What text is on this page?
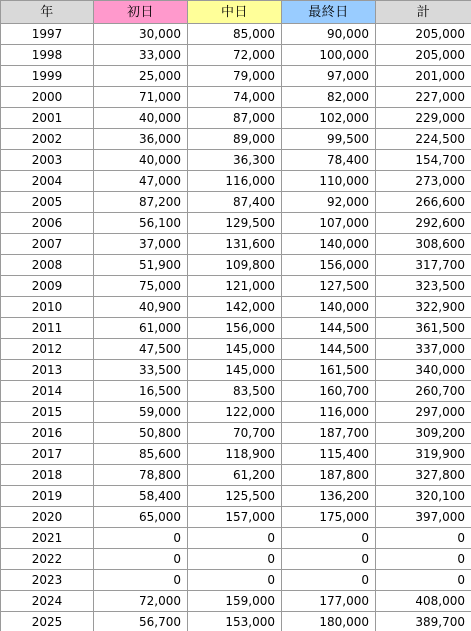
年	初日	中日	最終日	計
1997	30,000	85,000	90,000	205,000
1998	33,000	72,000	100,000	205,000
1999	25,000	79,000	97,000	201,000
2000	71,000	74,000	82,000	227,000
2001	40,000	87,000	102,000	229,000
2002	36,000	89,000	99,500	224,500
2003	40,000	36,300	78,400	154,700
2004	47,000	116,000	110,000	273,000
2005	87,200	87,400	92,000	266,600
2006	56,100	129,500	107,000	292,600
2007	37,000	131,600	140,000	308,600
2008	51,900	109,800	156,000	317,700
2009	75,000	121,000	127,500	323,500
2010	40,900	142,000	140,000	322,900
2011	61,000	156,000	144,500	361,500
2012	47,500	145,000	144,500	337,000
2013	33,500	145,000	161,500	340,000
2014	16,500	83,500	160,700	260,700
2015	59,000	122,000	116,000	297,000
2016	50,800	70,700	187,700	309,200
2017	85,600	118,900	115,400	319,900
2018	78,800	61,200	187,800	327,800
2019	58,400	125,500	136,200	320,100
2020	65,000	157,000	175,000	397,000
2021	0	0	0	0
2022	0	0	0	0
2023	0	0	0	0
2024	72,000	159,000	177,000	408,000
2025	56,700	153,000	180,000	389,700
